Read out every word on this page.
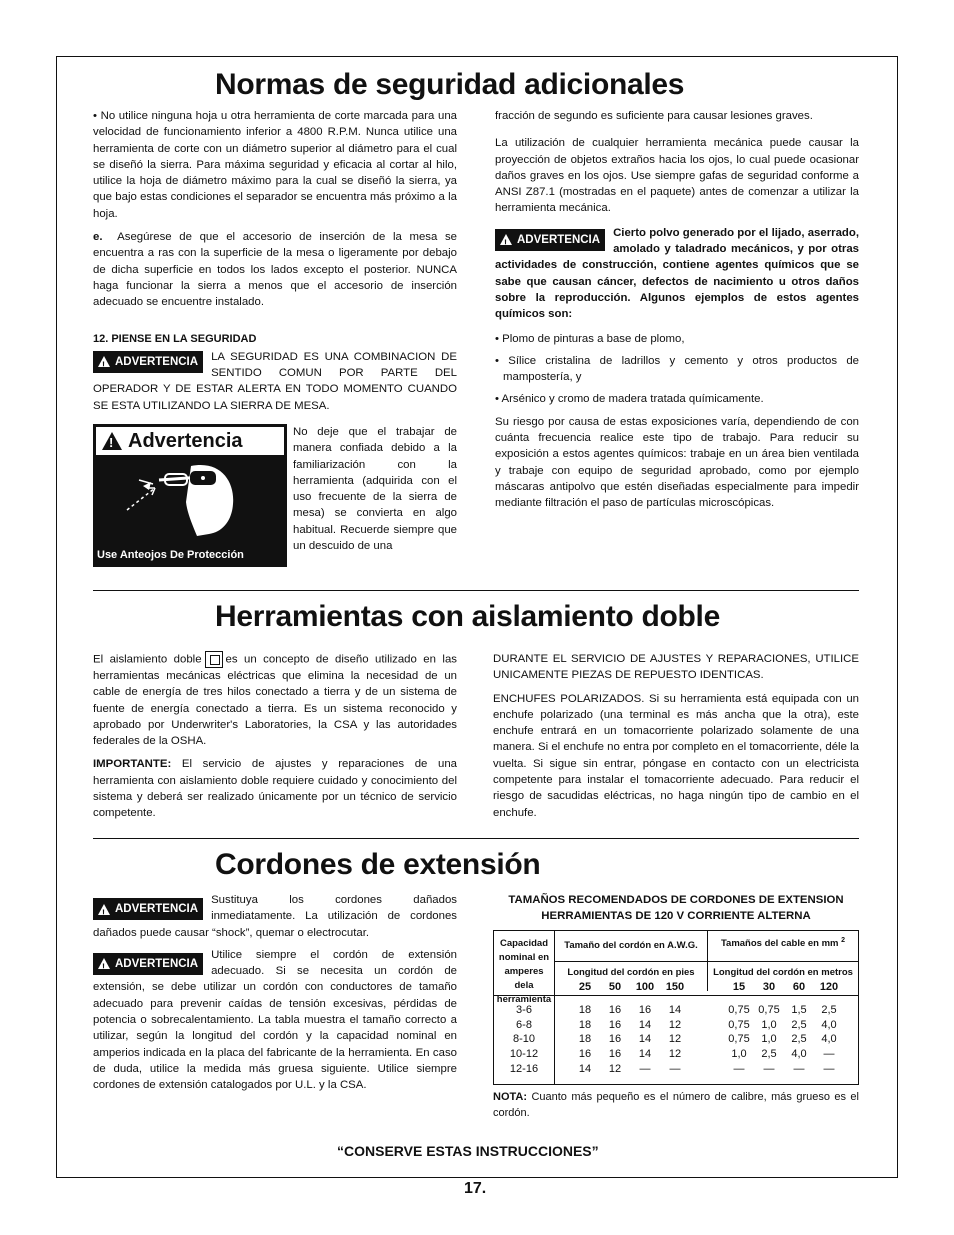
Normas de seguridad adicionales

• No utilice ninguna hoja u otra herramienta de corte marcada para una velocidad de funcionamiento inferior a 4800 R.P.M. Nunca utilice una herramienta de corte con un diámetro superior al diámetro para el cual se diseñó la sierra. Para máxima seguridad y eficacia al cortar al hilo, utilice la hoja de diámetro máximo para la cual se diseñó la sierra, ya que bajo estas condiciones el separador se encuentra más próximo a la hoja.

e. Asegúrese de que el accesorio de inserción de la mesa se encuentra a ras con la superficie de la mesa o ligeramente por debajo de dicha superficie en todos los lados excepto el posterior. NUNCA haga funcionar la sierra a menos que el accesorio de inserción adecuado se encuentre instalado.

12. PIENSE EN LA SEGURIDAD

!
ADVERTENCIA LA SEGURIDAD ES UNA COMBINACION DE SENTIDO COMUN POR PARTE DEL OPERADOR Y DE ESTAR ALERTA EN TODO MOMENTO CUANDO SE ESTA UTILIZANDO LA SIERRA DE MESA.
!
Advertencia
Use Anteojos De Protección
No deje que el trabajar de manera confiada debido a la familiarización con la herramienta (adquirida con el uso frecuente de la sierra de mesa) se convierta en algo habitual. Recuerde siempre que un descuido de una

fracción de segundo es suficiente para causar lesiones graves.

La utilización de cualquier herramienta mecánica puede causar la proyección de objetos extraños hacia los ojos, lo cual puede ocasionar daños graves en los ojos. Use siempre gafas de seguridad conforme a ANSI Z87.1 (mostradas en el paquete) antes de comenzar a utilizar la herramienta mecánica.

!
ADVERTENCIA
Cierto polvo generado por el lijado, aserrado, amolado y taladrado mecánicos, y por otras actividades de construcción, contiene agentes químicos que se sabe que causan cáncer, defectos de nacimiento u otros daños sobre la reproducción. Algunos ejemplos de estos agentes químicos son:

• Plomo de pinturas a base de plomo,

• Sílice cristalina de ladrillos y cemento y otros productos de mampostería, y

• Arsénico y cromo de madera tratada químicamente.

Su riesgo por causa de estas exposiciones varía, dependiendo de con cuánta frecuencia realice este tipo de trabajo. Para reducir su exposición a estos agentes químicos: trabaje en un área bien ventilada y trabaje con equipo de seguridad aprobado, como por ejemplo máscaras antipolvo que estén diseñadas especialmente para impedir mediante filtración el paso de partículas microscópicas.

Herramientas con aislamiento doble

El aislamiento doble es un concepto de diseño utilizado en las herramientas mecánicas eléctricas que elimina la necesidad de un cable de energía de tres hilos conectado a tierra y de un sistema de fuente de energía conectado a tierra. Es un sistema reconocido y aprobado por Underwriter's Laboratories, la CSA y las autoridades federales de la OSHA.

IMPORTANTE: El servicio de ajustes y reparaciones de una herramienta con aislamiento doble requiere cuidado y conocimiento del sistema y deberá ser realizado únicamente por un técnico de servicio competente.

DURANTE EL SERVICIO DE AJUSTES Y REPARACIONES, UTILICE UNICAMENTE PIEZAS DE REPUESTO IDENTICAS.

ENCHUFES POLARIZADOS. Si su herramienta está equipada con un enchufe polarizado (una terminal es más ancha que la otra), este enchufe entrará en un tomacorriente polarizado solamente de una manera. Si el enchufe no entra por completo en el tomacorriente, déle la vuelta. Si sigue sin entrar, póngase en contacto con un electricista competente para instalar el tomacorriente adecuado. Para reducir el riesgo de sacudidas eléctricas, no haga ningún tipo de cambio en el enchufe.

Cordones de extensión
!
ADVERTENCIA
Sustituya los cordones dañados inmediatamente. La utilización de cordones dañados puede causar “shock”, quemar o electrocutar.
!
ADVERTENCIA
Utilice siempre el cordón de extensión adecuado. Si se necesita un cordón de extensión, se debe utilizar un cordón con conductores de tamaño adecuado para prevenir caídas de tensión excesivas, pérdidas de potencia o sobrecalentamiento. La tabla muestra el tamaño correcto a utilizar, según la longitud del cordón y la capacidad nominal en amperios indicada en la placa del fabricante de la herramienta. En caso de duda, utilice la medida más gruesa siguiente. Utilice siempre cordones de extensión catalogados por U.L. y la CSA.
TAMAÑOS RECOMENDADOS DE CORDONES DE EXTENSION
HERRAMIENTAS DE 120 V CORRIENTE ALTERNA
Capacidad nominal en amperes dela herramienta
Tamaño del cordón en A.W.G.	Tamaños del cable en mm $^2$
Longitud del cordón en pies	Longitud del cordón en metros
25	50	100	150	15	30	60	120
3-6	18	16	16	14	0,75 0,75	1,5	2,5
6-8	18	16	14	12	0,75	1,0	2,5	4,0
8-10	18	16	14	12	0,75	1,0	2,5	4,0
10-12	16	16	14	12	1,0	2,5	4,0	—
12-16	14	12	—	—	—	—	—	—
NOTA: Cuanto más pequeño es el número de calibre, más grueso es el cordón.
“CONSERVE ESTAS INSTRUCCIONES”
17.
